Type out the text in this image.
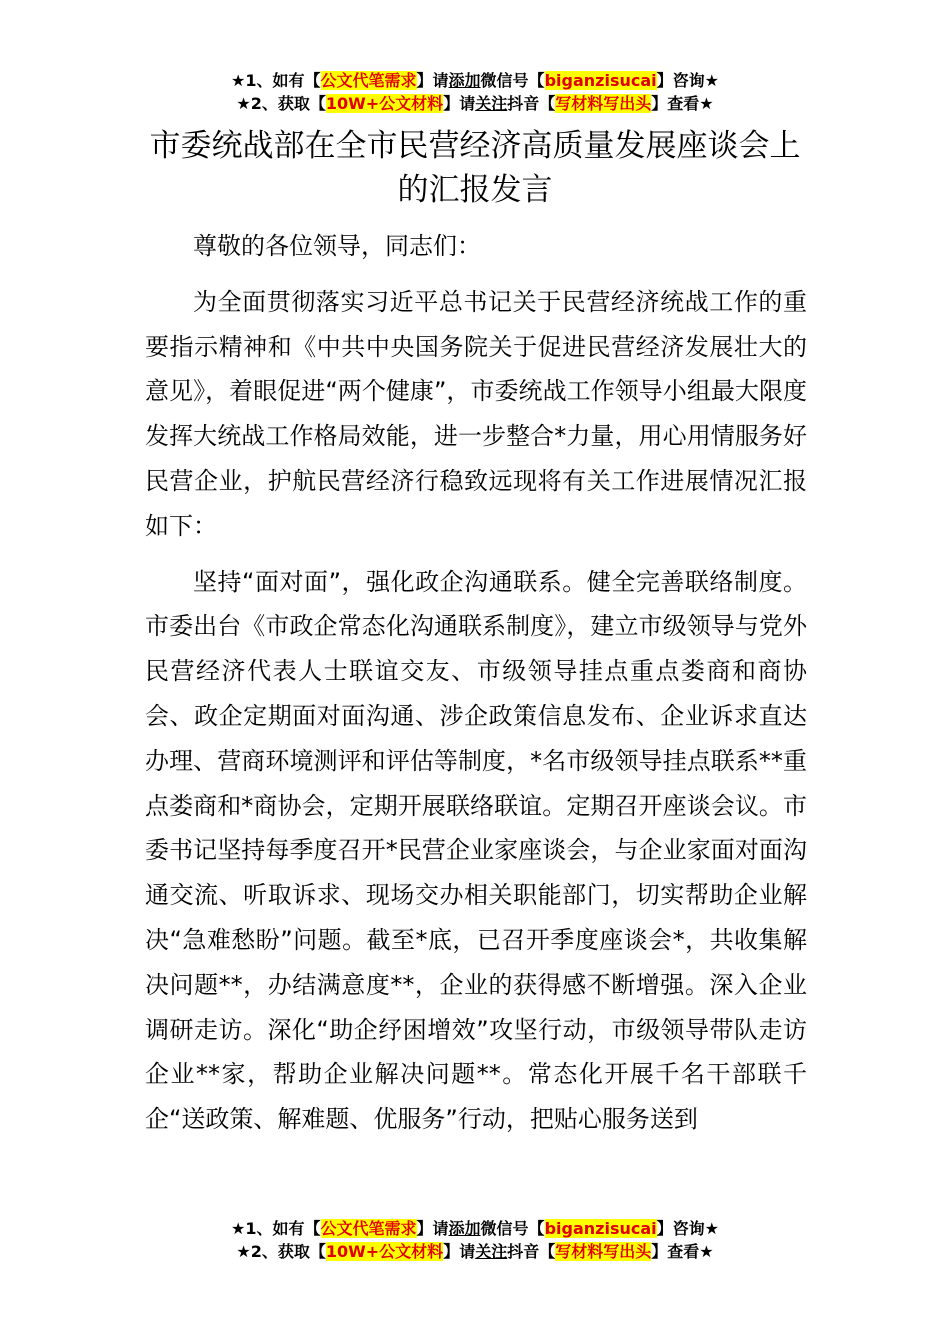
★1、如有【公文代笔需求】请添加微信号【biganzisucai】咨询★
★2、获取【10W+公文材料】请关注抖音【写材料写出头】查看★
市委统战部在全市民营经济高质量发展座谈会上的汇报发言

尊敬的各位领导，同志们：

为全面贯彻落实习近平总书记关于民营经济统战工作的重要指示精神和《中共中央国务院关于促进民营经济发展壮大的意见》，着眼促进“两个健康”，市委统战工作领导小组最大限度发挥大统战工作格局效能，进一步整合*力量，用心用情服务好民营企业，护航民营经济行稳致远现将有关工作进展情况汇报如下：

坚持“面对面”，强化政企沟通联系。健全完善联络制度。市委出台《市政企常态化沟通联系制度》，建立市级领导与党外民营经济代表人士联谊交友、市级领导挂点重点娄商和商协会、政企定期面对面沟通、涉企政策信息发布、企业诉求直达办理、营商环境测评和评估等制度，*名市级领导挂点联系**重点娄商和*商协会，定期开展联络联谊。定期召开座谈会议。市委书记坚持每季度召开*民营企业家座谈会，与企业家面对面沟通交流、听取诉求、现场交办相关职能部门，切实帮助企业解决“急难愁盼”问题。截至*底，已召开季度座谈会*，共收集解决问题**，办结满意度**，企业的获得感不断增强。深入企业调研走访。深化“助企纾困增效”攻坚行动，市级领导带队走访企业**家，帮助企业解决问题**。常态化开展千名干部联千企“送政策、解难题、优服务”行动，把贴心服务送到

★1、如有【公文代笔需求】请添加微信号【biganzisucai】咨询★
★2、获取【10W+公文材料】请关注抖音【写材料写出头】查看★
